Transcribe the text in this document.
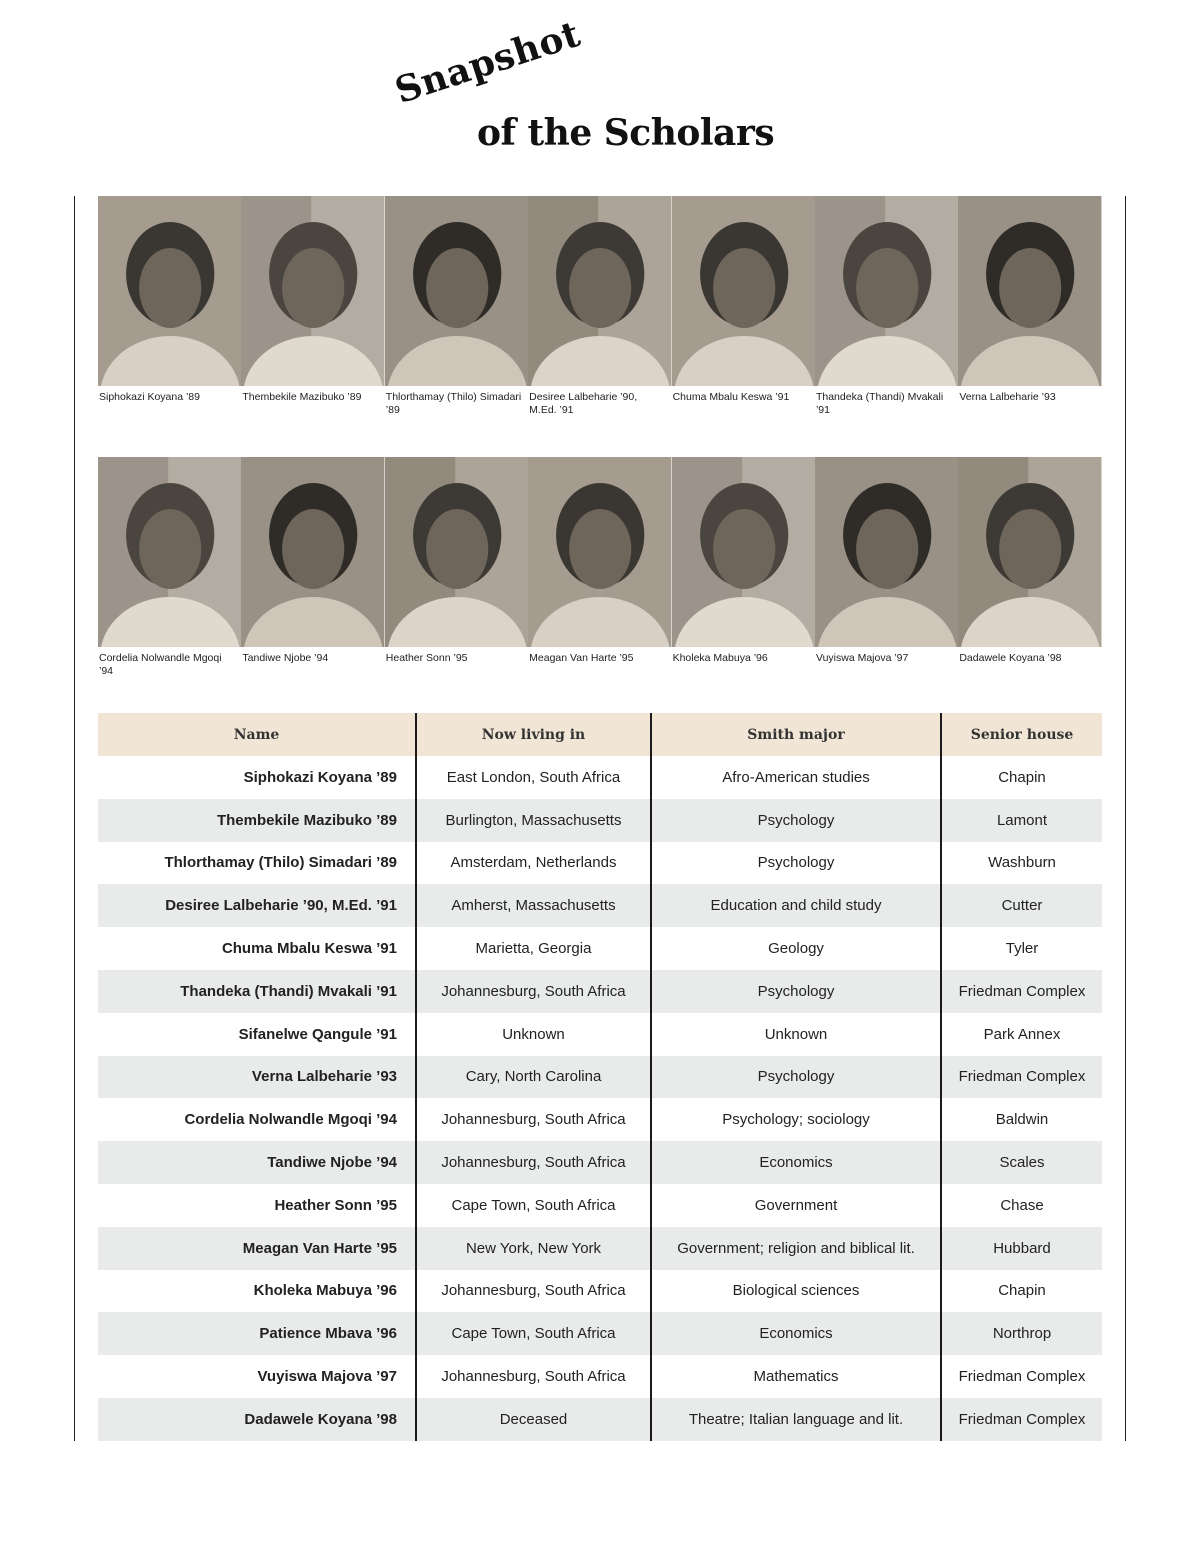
Snapshot
of the Scholars
Siphokazi Koyana ’89	Thembekile Mazibuko ’89	Thlorthamay (Thilo) Simadari ’89
Desiree Lalbeharie ’90, M.Ed. ’91
Chuma Mbalu Keswa ’91	Thandeka (Thandi) Mvakali ’91
Verna Lalbeharie ’93
Cordelia Nolwandle Mgoqi ’94
Tandiwe Njobe ’94	Heather Sonn ’95	Meagan Van Harte ’95	Kholeka Mabuya ’96	Vuyiswa Majova ’97	Dadawele Koyana ’98
Name	Now living in	Smith major	Senior house
Siphokazi Koyana ’89	East London, South Africa	Afro-American studies	Chapin
Thembekile Mazibuko ’89	Burlington, Massachusetts	Psychology	Lamont
Thlorthamay (Thilo) Simadari ’89	Amsterdam, Netherlands	Psychology	Washburn
Desiree Lalbeharie ’90, M.Ed. ’91	Amherst, Massachusetts	Education and child study	Cutter
Chuma Mbalu Keswa ’91	Marietta, Georgia	Geology	Tyler
Thandeka (Thandi) Mvakali ’91	Johannesburg, South Africa	Psychology	Friedman Complex
Sifanelwe Qangule ’91	Unknown	Unknown	Park Annex
Verna Lalbeharie ’93	Cary, North Carolina	Psychology	Friedman Complex
Cordelia Nolwandle Mgoqi ’94	Johannesburg, South Africa	Psychology; sociology	Baldwin
Tandiwe Njobe ’94	Johannesburg, South Africa	Economics	Scales
Heather Sonn ’95	Cape Town, South Africa	Government	Chase
Meagan Van Harte ’95	New York, New York	Government; religion and biblical lit.	Hubbard
Kholeka Mabuya ’96	Johannesburg, South Africa	Biological sciences	Chapin
Patience Mbava ’96	Cape Town, South Africa	Economics	Northrop
Vuyiswa Majova ’97	Johannesburg, South Africa	Mathematics	Friedman Complex
Dadawele Koyana ’98	Deceased	Theatre; Italian language and lit.	Friedman Complex
